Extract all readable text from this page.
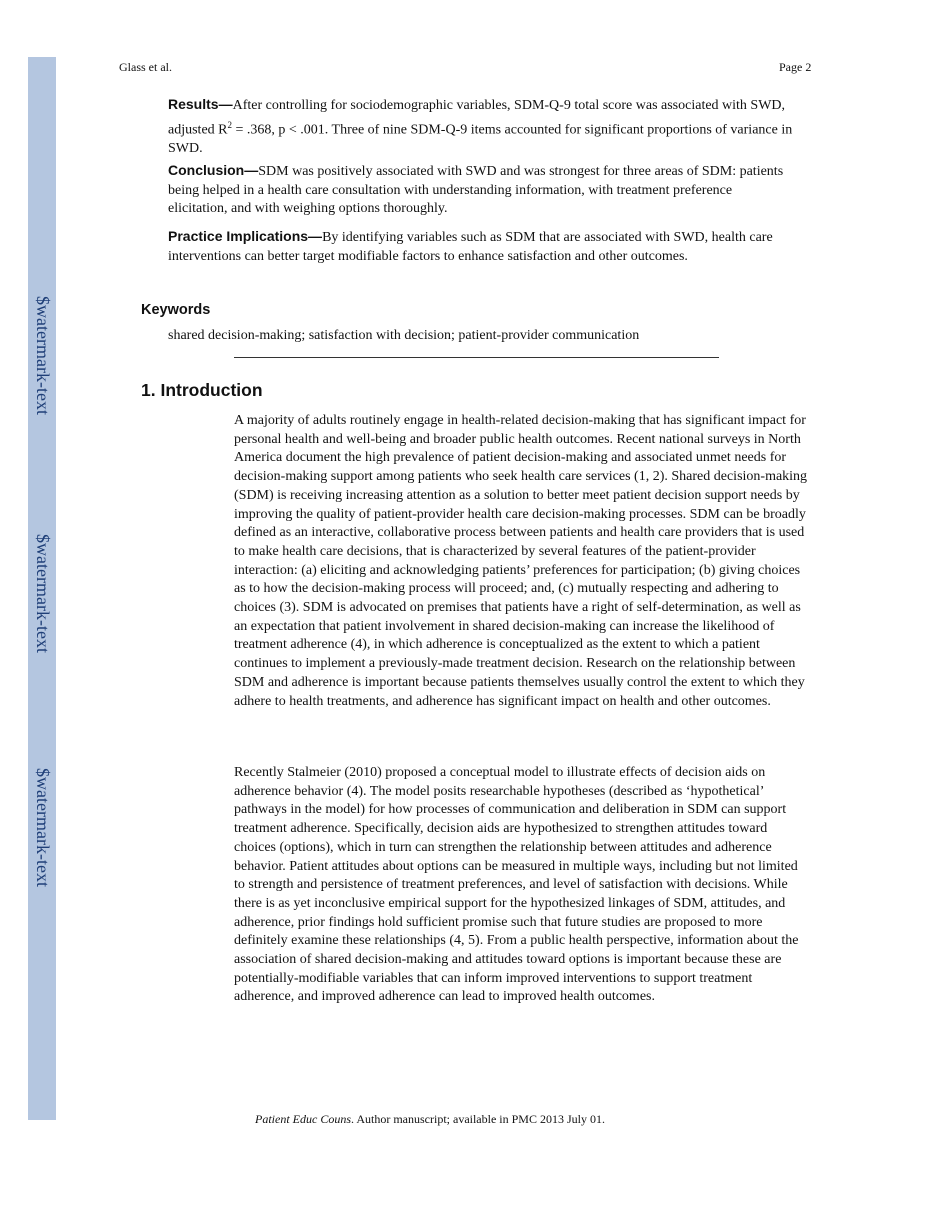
$watermark-text
$watermark-text
$watermark-text
Glass et al.	Page 2
Results—After controlling for sociodemographic variables, SDM-Q-9 total score was associated with SWD, adjusted $R^2 = .368$, p < .001. Three of nine SDM-Q-9 items accounted for significant proportions of variance in SWD.
Conclusion—SDM was positively associated with SWD and was strongest for three areas of SDM: patients being helped in a health care consultation with understanding information, with treatment preference elicitation, and with weighing options thoroughly.
Practice Implications—By identifying variables such as SDM that are associated with SWD, health care interventions can better target modifiable factors to enhance satisfaction and other outcomes.
Keywords
shared decision-making; satisfaction with decision; patient-provider communication
1. Introduction
A majority of adults routinely engage in health-related decision-making that has significant impact for personal health and well-being and broader public health outcomes. Recent national surveys in North America document the high prevalence of patient decision-making and associated unmet needs for decision-making support among patients who seek health care services (1, 2). Shared decision-making (SDM) is receiving increasing attention as a solution to better meet patient decision support needs by improving the quality of patient-provider health care decision-making processes. SDM can be broadly defined as an interactive, collaborative process between patients and health care providers that is used to make health care decisions, that is characterized by several features of the patient-provider interaction: (a) eliciting and acknowledging patients’ preferences for participation; (b) giving choices as to how the decision-making process will proceed; and, (c) mutually respecting and adhering to choices (3). SDM is advocated on premises that patients have a right of self-determination, as well as an expectation that patient involvement in shared decision-making can increase the likelihood of treatment adherence (4), in which adherence is conceptualized as the extent to which a patient continues to implement a previously-made treatment decision. Research on the relationship between SDM and adherence is important because patients themselves usually control the extent to which they adhere to health treatments, and adherence has significant impact on health and other outcomes.
Recently Stalmeier (2010) proposed a conceptual model to illustrate effects of decision aids on adherence behavior (4). The model posits researchable hypotheses (described as ‘hypothetical’ pathways in the model) for how processes of communication and deliberation in SDM can support treatment adherence. Specifically, decision aids are hypothesized to strengthen attitudes toward choices (options), which in turn can strengthen the relationship between attitudes and adherence behavior. Patient attitudes about options can be measured in multiple ways, including but not limited to strength and persistence of treatment preferences, and level of satisfaction with decisions. While there is as yet inconclusive empirical support for the hypothesized linkages of SDM, attitudes, and adherence, prior findings hold sufficient promise such that future studies are proposed to more definitely examine these relationships (4, 5). From a public health perspective, information about the association of shared decision-making and attitudes toward options is important because these are potentially-modifiable variables that can inform improved interventions to support treatment adherence, and improved adherence can lead to improved health outcomes.
Patient Educ Couns. Author manuscript; available in PMC 2013 July 01.
